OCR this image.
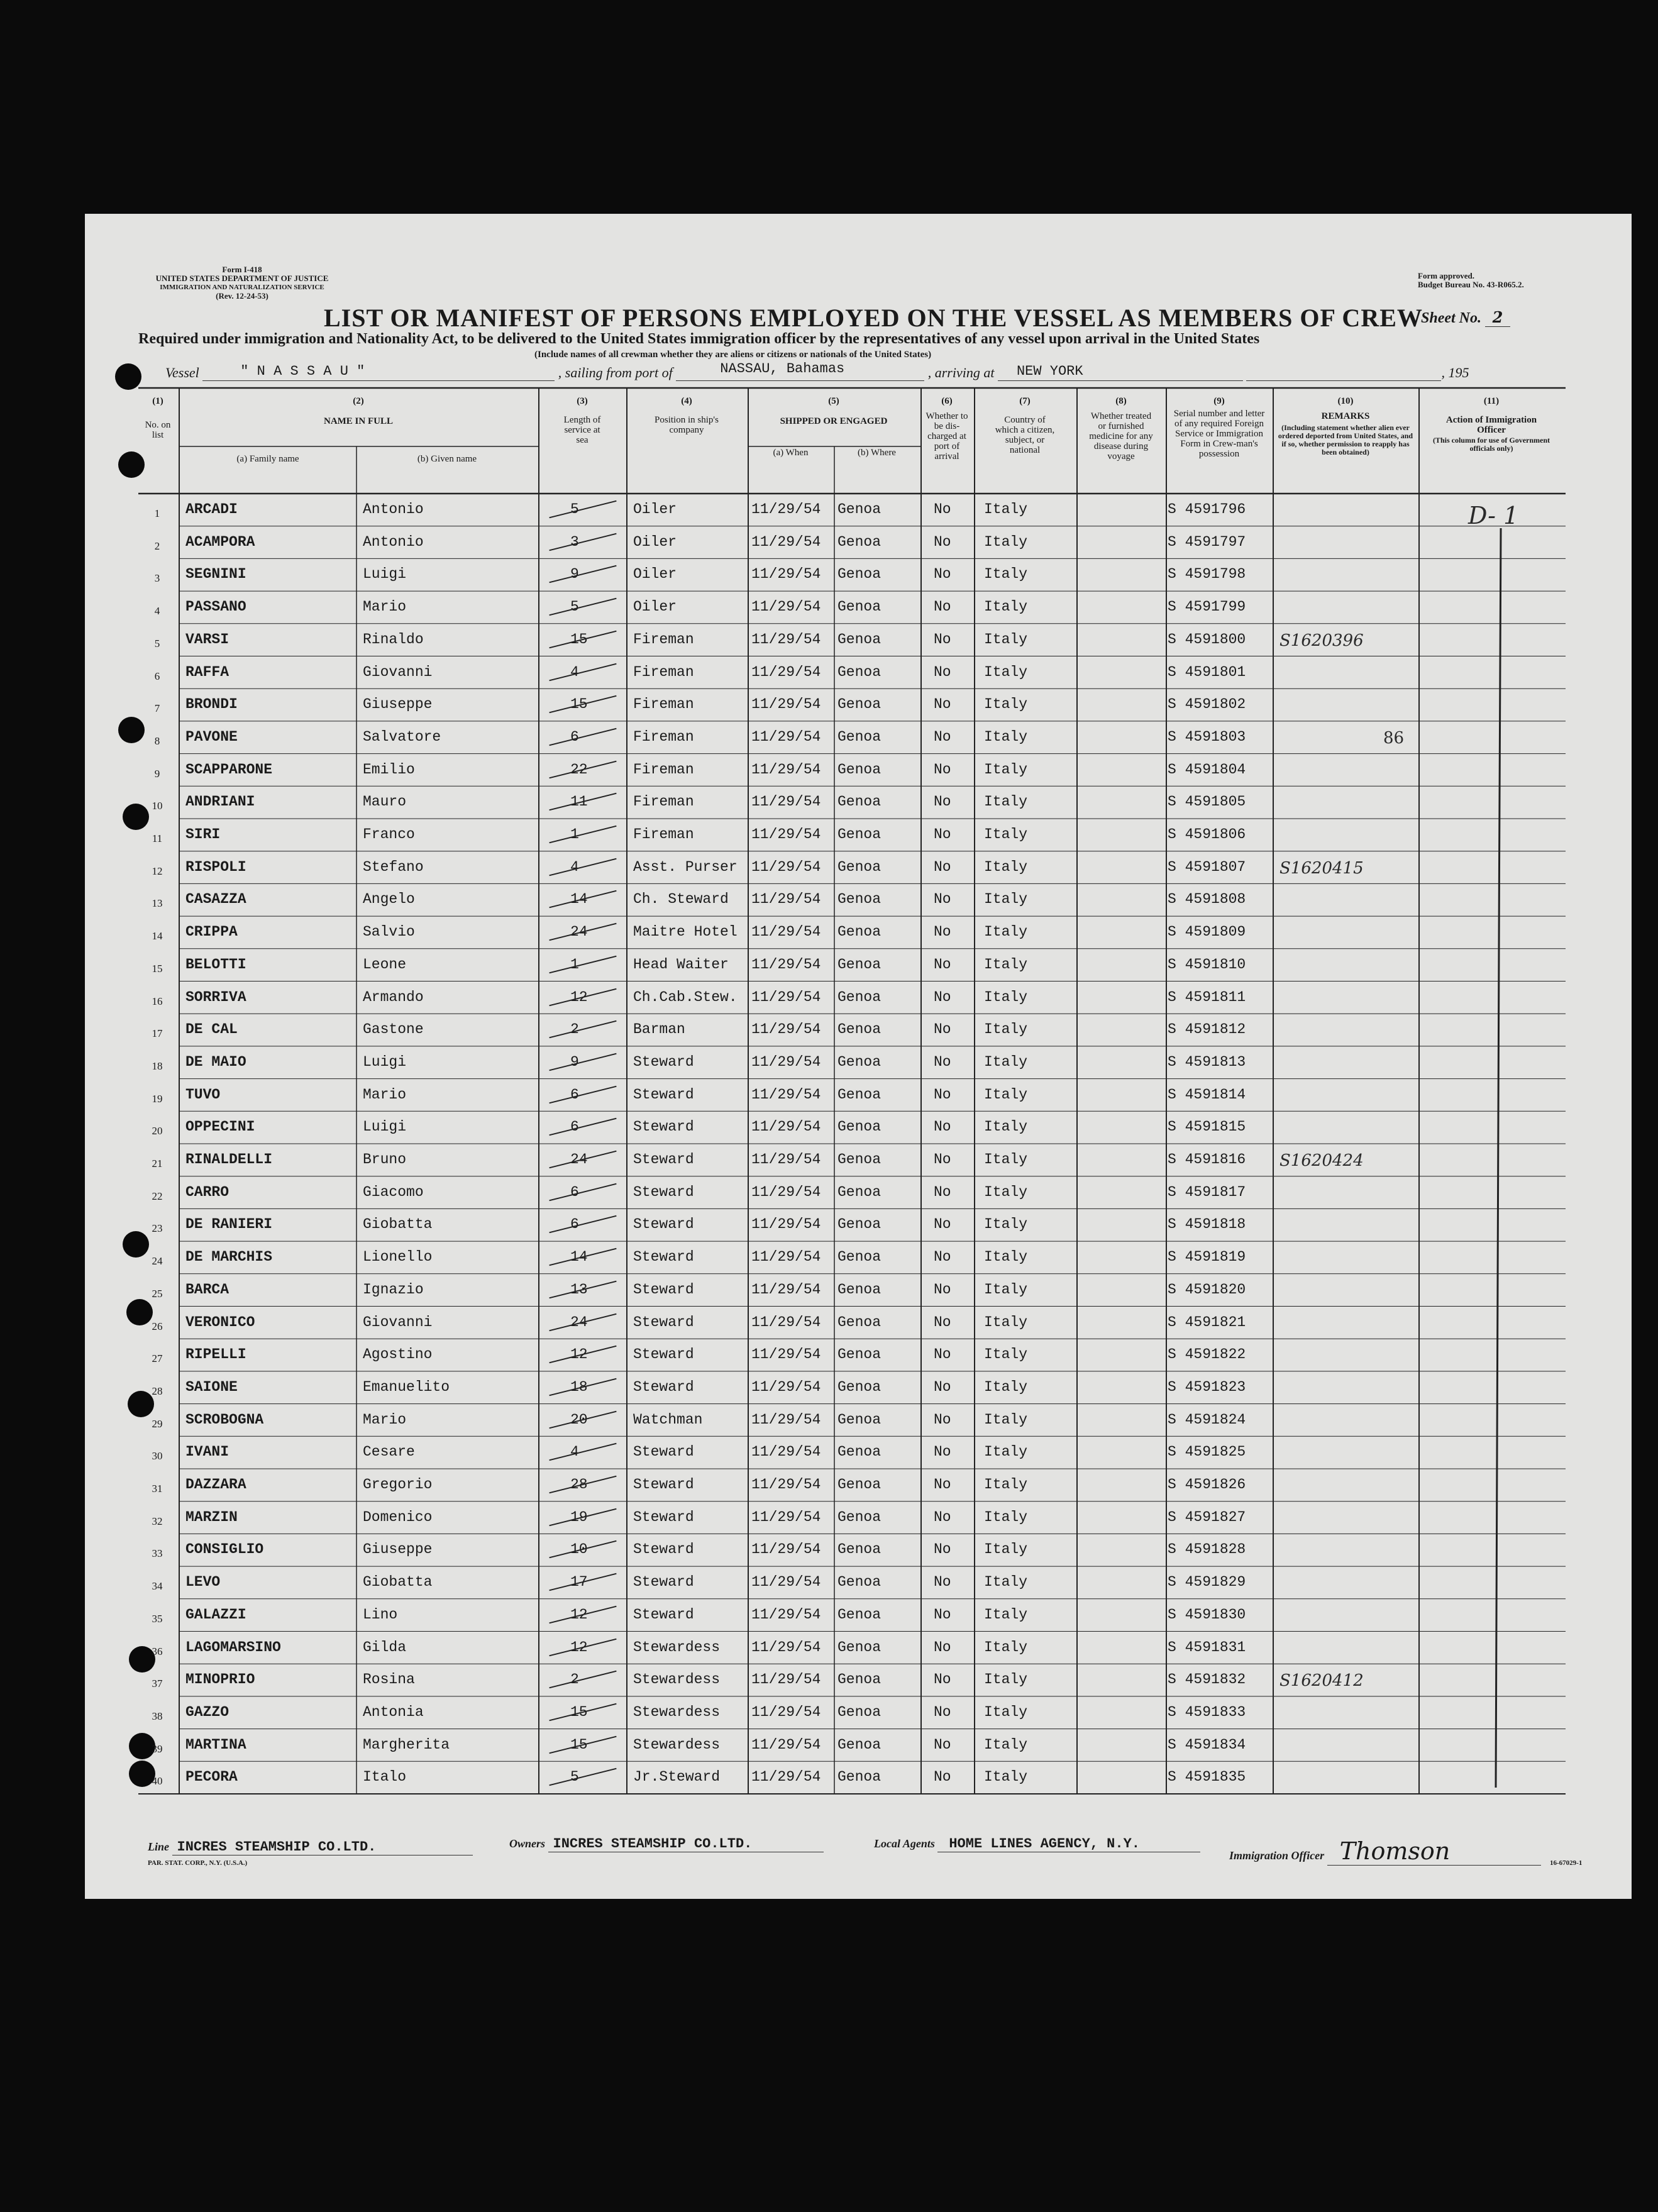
Form I-418
UNITED STATES DEPARTMENT OF JUSTICE
IMMIGRATION AND NATURALIZATION SERVICE
(Rev. 12-24-53)
Form approved.
Budget Bureau No. 43-R065.2.
LIST OR MANIFEST OF PERSONS EMPLOYED ON THE VESSEL AS MEMBERS OF CREW
Sheet No. 2
Required under immigration and Nationality Act, to be delivered to the United States immigration officer by the representatives of any vessel upon arrival in the United States
(Include names of all crewman whether they are aliens or citizens or nationals of the United States)
Vessel	" N A S S A U "	, sailing from port of	NASSAU, Bahamas	, arriving at NEW YORK	, 195
(1)
No. on list
(2)
NAME IN FULL
(a) Family name	(b) Given name
(3)
Length of service at sea
(4)
Position in ship's company
(5)
SHIPPED OR ENGAGED
(a) When	(b) Where
(6)
Whether to be dis-charged at port of arrival
(7)
Country of which a citizen, subject, or national
(8)
Whether treated or furnished medicine for any disease during voyage
(9)
Serial number and letter of any required Foreign Service or Immigration Form in Crew-man's possession
(10)
REMARKS
(Including statement whether alien ever ordered deported from United States, and if so, whether permission to reapply has been obtained)
(11)
Action of Immigration Officer
(This column for use of Government officials only)
1	ARCADI	Antonio	5	Oiler	11/29/54 Genoa	No Italy	S 4591796
2	ACAMPORA	Antonio	3	Oiler	11/29/54 Genoa	No Italy	S 4591797
3	SEGNINI	Luigi	9	Oiler	11/29/54 Genoa	No Italy	S 4591798
4	PASSANO	Mario	5	Oiler	11/29/54 Genoa	No Italy	S 4591799
5	VARSI	Rinaldo	15	Fireman	11/29/54 Genoa	No Italy	S 4591800 S1620396
6	RAFFA	Giovanni	4	Fireman	11/29/54 Genoa	No Italy	S 4591801
7	BRONDI	Giuseppe	15	Fireman	11/29/54 Genoa	No Italy	S 4591802
8	PAVONE	Salvatore	6	Fireman	11/29/54 Genoa	No Italy	S 4591803	86
9	SCAPPARONE	Emilio	22	Fireman	11/29/54 Genoa	No Italy	S 4591804
10	ANDRIANI	Mauro	11	Fireman	11/29/54 Genoa	No Italy	S 4591805
11	SIRI	Franco	1	Fireman	11/29/54 Genoa	No Italy	S 4591806
12	RISPOLI	Stefano	4	Asst. Purser 11/29/54 Genoa	No Italy	S 4591807 S1620415
13	CASAZZA	Angelo	14	Ch. Steward 11/29/54 Genoa	No Italy	S 4591808
14	CRIPPA	Salvio	24	Maitre Hotel 11/29/54 Genoa	No Italy	S 4591809
15	BELOTTI	Leone	1	Head Waiter 11/29/54 Genoa	No Italy	S 4591810
16	SORRIVA	Armando	12	Ch.Cab.Stew. 11/29/54 Genoa	No Italy	S 4591811
17	DE CAL	Gastone	2	Barman	11/29/54 Genoa	No Italy	S 4591812
18	DE MAIO	Luigi	9	Steward	11/29/54 Genoa	No Italy	S 4591813
19	TUVO	Mario	6	Steward	11/29/54 Genoa	No Italy	S 4591814
20	OPPECINI	Luigi	6	Steward	11/29/54 Genoa	No Italy	S 4591815
21	RINALDELLI	Bruno	24	Steward	11/29/54 Genoa	No Italy	S 4591816 S1620424
22	CARRO	Giacomo	6	Steward	11/29/54 Genoa	No Italy	S 4591817
23	DE RANIERI	Giobatta	6	Steward	11/29/54 Genoa	No Italy	S 4591818
24	DE MARCHIS	Lionello	14	Steward	11/29/54 Genoa	No Italy	S 4591819
25	BARCA	Ignazio	13	Steward	11/29/54 Genoa	No Italy	S 4591820
26	VERONICO	Giovanni	24	Steward	11/29/54 Genoa	No Italy	S 4591821
27	RIPELLI	Agostino	12	Steward	11/29/54 Genoa	No Italy	S 4591822
28	SAIONE	Emanuelito	18	Steward	11/29/54 Genoa	No Italy	S 4591823
29	SCROBOGNA	Mario	20	Watchman	11/29/54 Genoa	No Italy	S 4591824
30	IVANI	Cesare	4	Steward	11/29/54 Genoa	No Italy	S 4591825
31	DAZZARA	Gregorio	28	Steward	11/29/54 Genoa	No Italy	S 4591826
32	MARZIN	Domenico	19	Steward	11/29/54 Genoa	No Italy	S 4591827
33	CONSIGLIO	Giuseppe	10	Steward	11/29/54 Genoa	No Italy	S 4591828
34	LEVO	Giobatta	17	Steward	11/29/54 Genoa	No Italy	S 4591829
35	GALAZZI	Lino	12	Steward	11/29/54 Genoa	No Italy	S 4591830
36	LAGOMARSINO	Gilda	12	Stewardess 11/29/54 Genoa	No Italy	S 4591831
37	MINOPRIO	Rosina	2	Stewardess 11/29/54 Genoa	No Italy	S 4591832 S1620412
38	GAZZO	Antonia	15	Stewardess 11/29/54 Genoa	No Italy	S 4591833
39	MARTINA	Margherita	15	Stewardess 11/29/54 Genoa	No Italy	S 4591834
40	PECORA	Italo	5	Jr.Steward 11/29/54 Genoa	No Italy	S 4591835
D- 1
Line INCRES STEAMSHIP CO.LTD.	Owners INCRES STEAMSHIP CO.LTD.	Local Agents HOME LINES AGENCY, N.Y.
Immigration Officer Thomson
PAR. STAT. CORP., N.Y. (U.S.A.)	16-67029-1
